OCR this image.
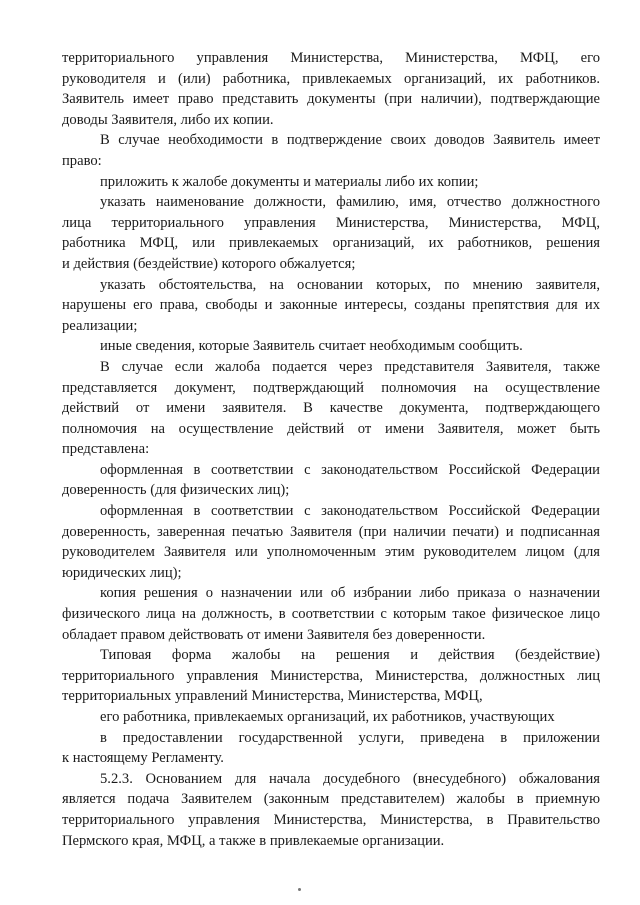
территориального управления Министерства, Министерства, МФЦ, его
руководителя и (или) работника, привлекаемых организаций, их работников.
Заявитель имеет право представить документы (при наличии), подтверждающие
доводы Заявителя, либо их копии.
В случае необходимости в подтверждение своих доводов Заявитель имеет
право:
приложить к жалобе документы и материалы либо их копии;
указать наименование должности, фамилию, имя, отчество должностного
лица территориального управления Министерства, Министерства, МФЦ,
работника МФЦ, или привлекаемых организаций, их работников, решения
и действия (бездействие) которого обжалуется;
указать обстоятельства, на основании которых, по мнению заявителя,
нарушены его права, свободы и законные интересы, созданы препятствия для их
реализации;
иные сведения, которые Заявитель считает необходимым сообщить.
В случае если жалоба подается через представителя Заявителя, также
представляется документ, подтверждающий полномочия на осуществление
действий от имени заявителя. В качестве документа, подтверждающего
полномочия на осуществление действий от имени Заявителя, может быть
представлена:
оформленная в соответствии с законодательством Российской Федерации
доверенность (для физических лиц);
оформленная в соответствии с законодательством Российской Федерации
доверенность, заверенная печатью Заявителя (при наличии печати) и подписанная
руководителем Заявителя или уполномоченным этим руководителем лицом (для
юридических лиц);
копия решения о назначении или об избрании либо приказа о назначении
физического лица на должность, в соответствии с которым такое физическое лицо
обладает правом действовать от имени Заявителя без доверенности.
Типовая форма жалобы на решения и действия (бездействие)
территориального управления Министерства, Министерства, должностных лиц
территориальных управлений Министерства, Министерства, МФЦ,
его работника, привлекаемых организаций, их работников, участвующих
в предоставлении государственной услуги, приведена в приложении
к настоящему Регламенту.
5.2.3. Основанием для начала досудебного (внесудебного) обжалования
является подача Заявителем (законным представителем) жалобы в приемную
территориального управления Министерства, Министерства, в Правительство
Пермского края, МФЦ, а также в привлекаемые организации.
